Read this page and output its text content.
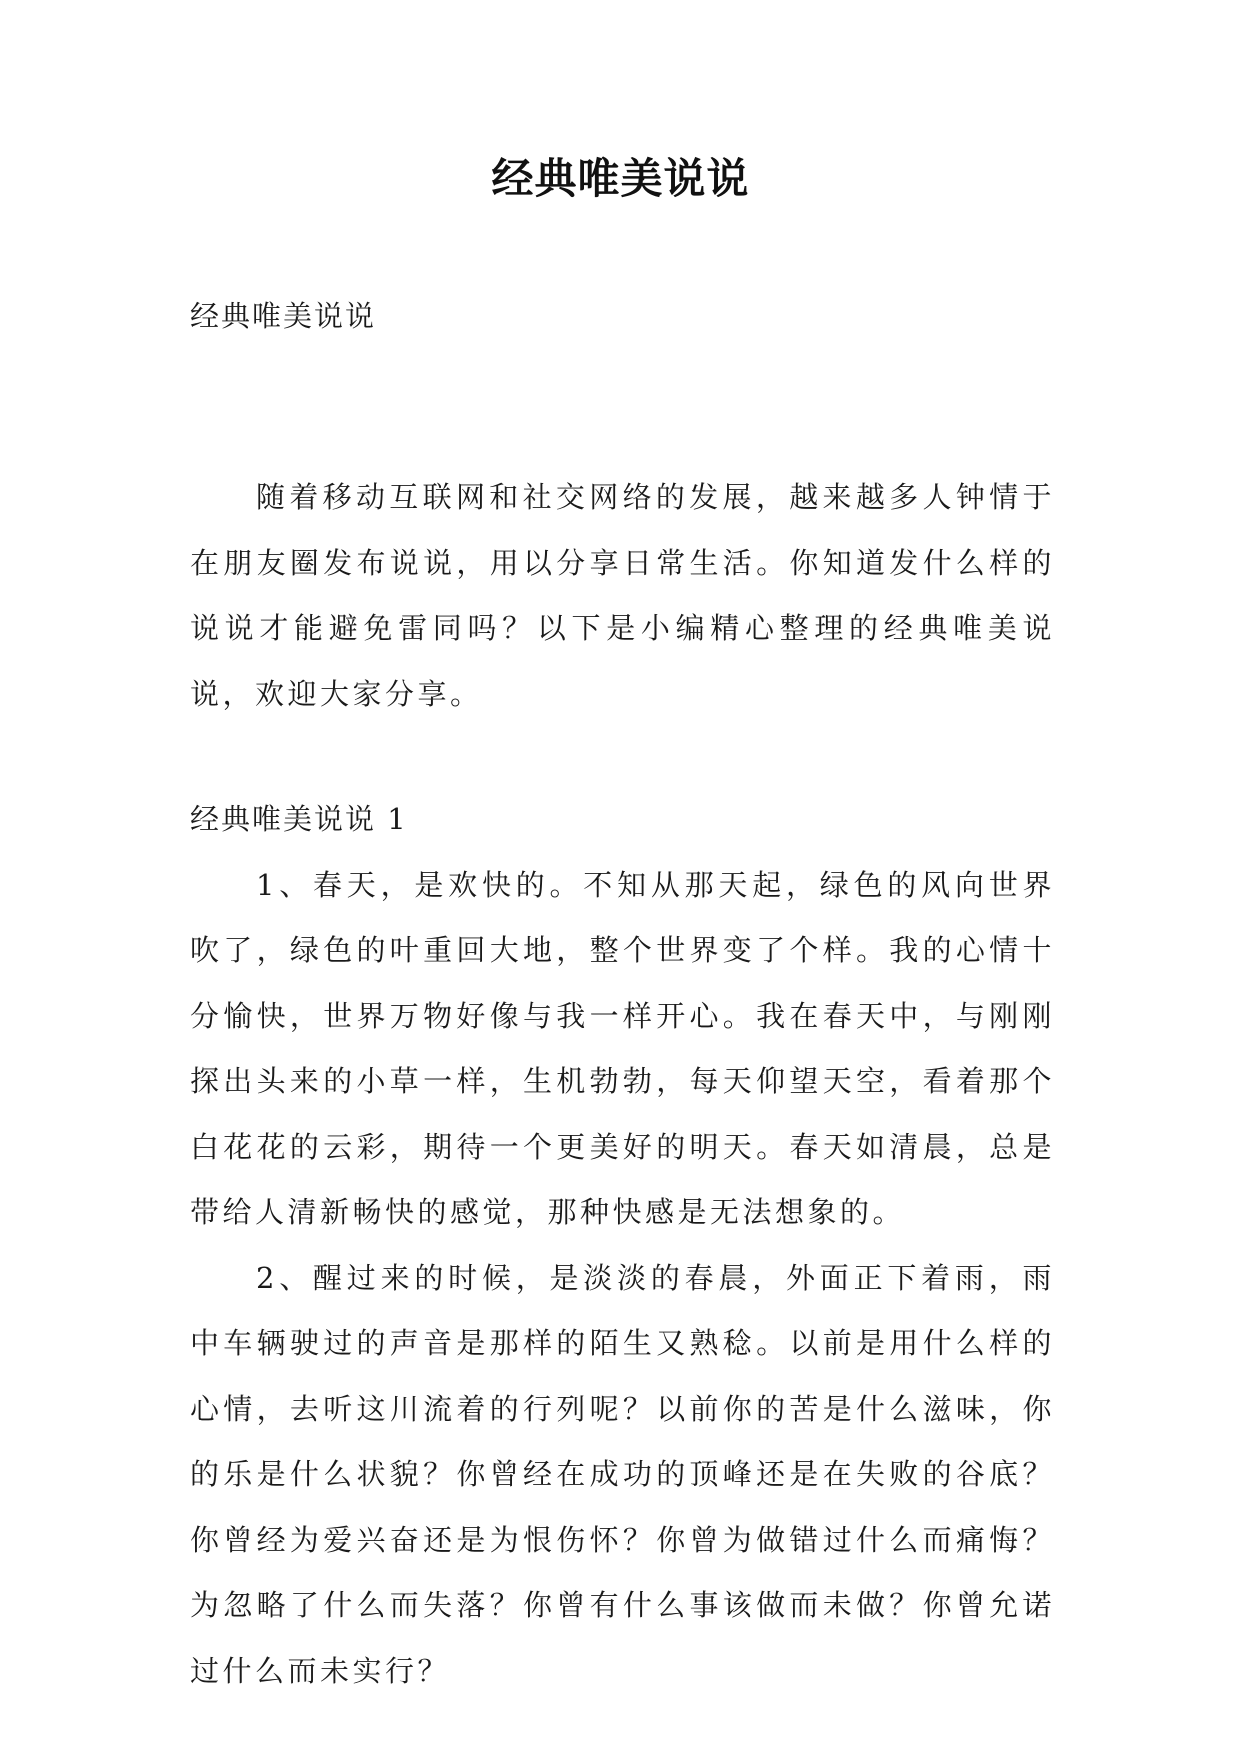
经典唯美说说
经典唯美说说

随着移动互联网和社交网络的发展，越来越多人钟情于在朋友圈发布说说，用以分享日常生活。你知道发什么样的说说才能避免雷同吗？以下是小编精心整理的经典唯美说说，欢迎大家分享。

经典唯美说说 1

1、春天，是欢快的。不知从那天起，绿色的风向世界吹了，绿色的叶重回大地，整个世界变了个样。我的心情十分愉快，世界万物好像与我一样开心。我在春天中，与刚刚探出头来的小草一样，生机勃勃，每天仰望天空，看着那个白花花的云彩，期待一个更美好的明天。春天如清晨，总是带给人清新畅快的感觉，那种快感是无法想象的。

2、醒过来的时候，是淡淡的春晨，外面正下着雨，雨中车辆驶过的声音是那样的陌生又熟稔。以前是用什么样的心情，去听这川流着的行列呢？以前你的苦是什么滋味，你的乐是什么状貌？你曾经在成功的顶峰还是在失败的谷底？你曾经为爱兴奋还是为恨伤怀？你曾为做错过什么而痛悔？为忽略了什么而失落？你曾有什么事该做而未做？你曾允诺过什么而未实行？
